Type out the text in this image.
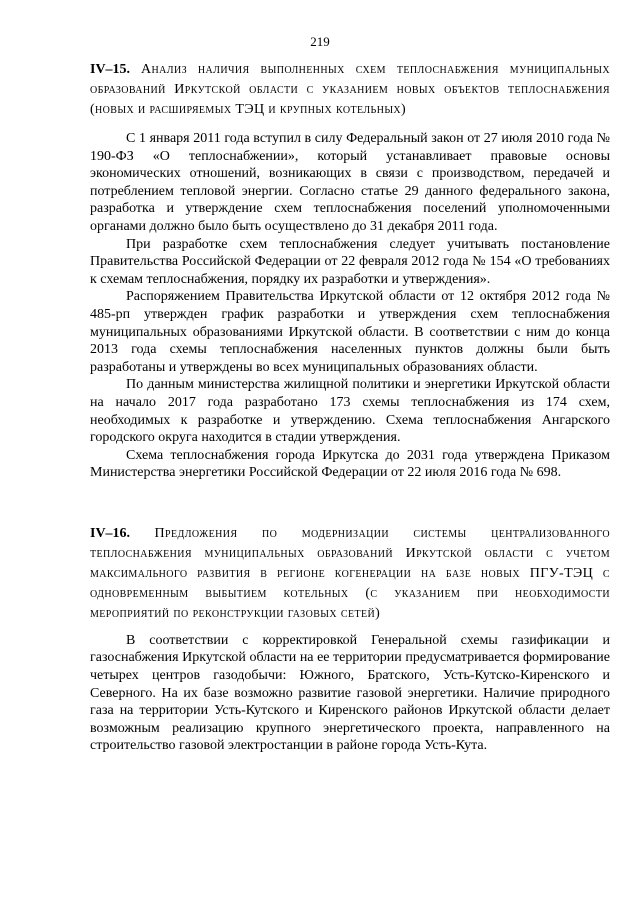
219
IV–15. Анализ наличия выполненных схем теплоснабжения муниципальных образований Иркутской области с указанием новых объектов теплоснабжения (новых и расширяемых ТЭЦ и крупных котельных)

С 1 января 2011 года вступил в силу Федеральный закон от 27 июля 2010 года № 190-ФЗ «О теплоснабжении», который устанавливает правовые основы экономических отношений, возникающих в связи с производством, передачей и потреблением тепловой энергии. Согласно статье 29 данного федерального закона, разработка и утверждение схем теплоснабжения поселений уполномоченными органами должно было быть осуществлено до 31 декабря 2011 года.

При разработке схем теплоснабжения следует учитывать постановление Правительства Российской Федерации от 22 февраля 2012 года № 154 «О требованиях к схемам теплоснабжения, порядку их разработки и утверждения».

Распоряжением Правительства Иркутской области от 12 октября 2012 года № 485-рп утвержден график разработки и утверждения схем теплоснабжения муниципальных образованиями Иркутской области. В соответствии с ним до конца 2013 года схемы теплоснабжения населенных пунктов должны были быть разработаны и утверждены во всех муниципальных образованиях области.

По данным министерства жилищной политики и энергетики Иркутской области на начало 2017 года разработано 173 схемы теплоснабжения из 174 схем, необходимых к разработке и утверждению. Схема теплоснабжения Ангарского городского округа находится в стадии утверждения.

Схема теплоснабжения города Иркутска до 2031 года утверждена Приказом Министерства энергетики Российской Федерации от 22 июля 2016 года № 698.

IV–16. Предложения по модернизации системы централизованного теплоснабжения муниципальных образований Иркутской области с учетом максимального развития в регионе когенерации на базе новых ПГУ-ТЭЦ с одновременным выбытием котельных (с указанием при необходимости мероприятий по реконструкции газовых сетей)

В соответствии с корректировкой Генеральной схемы газификации и газоснабжения Иркутской области на ее территории предусматривается формирование четырех центров газодобычи: Южного, Братского, Усть-Кутско-Киренского и Северного. На их базе возможно развитие газовой энергетики. Наличие природного газа на территории Усть-Кутского и Киренского районов Иркутской области делает возможным реализацию крупного энергетического проекта, направленного на строительство газовой электростанции в районе города Усть-Кута.
